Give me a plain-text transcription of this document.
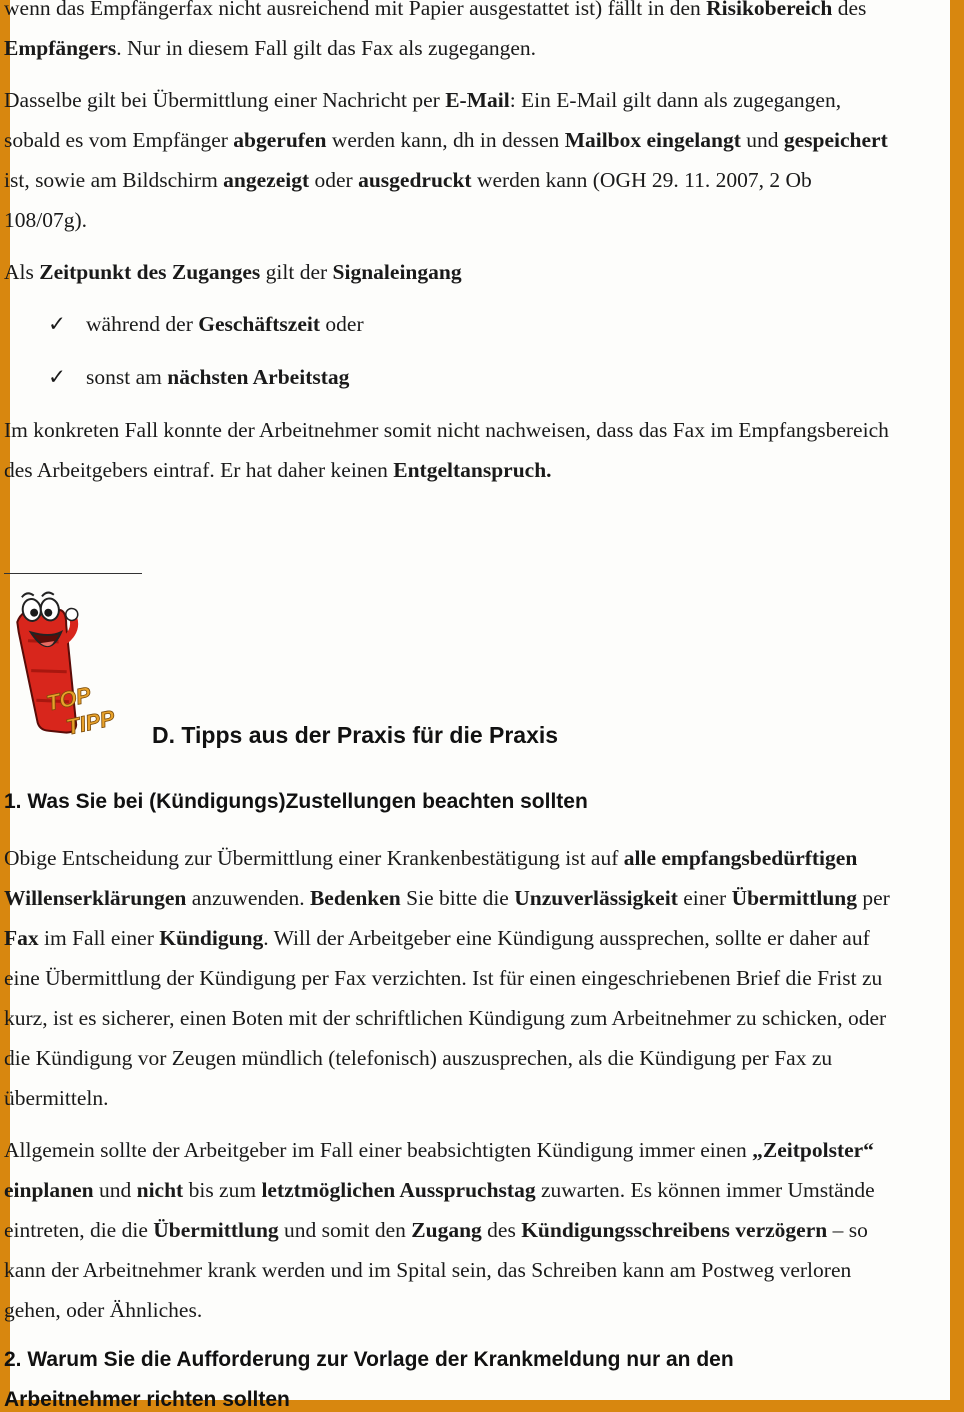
wenn das Empfängerfax nicht ausreichend mit Papier ausgestattet ist) fällt in den Risikobereich des

Empfängers. Nur in diesem Fall gilt das Fax als zugegangen.

Dasselbe gilt bei Übermittlung einer Nachricht per E-Mail: Ein E-Mail gilt dann als zugegangen,

sobald es vom Empfänger abgerufen werden kann, dh in dessen Mailbox eingelangt und gespeichert

ist, sowie am Bildschirm angezeigt oder ausgedruckt werden kann (OGH 29. 11. 2007, 2 Ob

108/07g).

Als Zeitpunkt des Zuganges gilt der Signaleingang

✓ während der Geschäftszeit oder
✓ sonst am nächsten Arbeitstag

Im konkreten Fall konnte der Arbeitnehmer somit nicht nachweisen, dass das Fax im Empfangsbereich

des Arbeitgebers eintraf. Er hat daher keinen Entgeltanspruch.

TOP
TIPP D. Tipps aus der Praxis für die Praxis
1. Was Sie bei (Kündigungs)Zustellungen beachten sollten

Obige Entscheidung zur Übermittlung einer Krankenbestätigung ist auf alle empfangsbedürftigen

Willenserklärungen anzuwenden. Bedenken Sie bitte die Unzuverlässigkeit einer Übermittlung per

Fax im Fall einer Kündigung. Will der Arbeitgeber eine Kündigung aussprechen, sollte er daher auf

eine Übermittlung der Kündigung per Fax verzichten. Ist für einen eingeschriebenen Brief die Frist zu

kurz, ist es sicherer, einen Boten mit der schriftlichen Kündigung zum Arbeitnehmer zu schicken, oder

die Kündigung vor Zeugen mündlich (telefonisch) auszusprechen, als die Kündigung per Fax zu

übermitteln.

Allgemein sollte der Arbeitgeber im Fall einer beabsichtigten Kündigung immer einen „Zeitpolster“

einplanen und nicht bis zum letztmöglichen Ausspruchstag zuwarten. Es können immer Umstände

eintreten, die die Übermittlung und somit den Zugang des Kündigungsschreibens verzögern – so

kann der Arbeitnehmer krank werden und im Spital sein, das Schreiben kann am Postweg verloren

gehen, oder Ähnliches.

2. Warum Sie die Aufforderung zur Vorlage der Krankmeldung nur an den
Arbeitnehmer richten sollten
